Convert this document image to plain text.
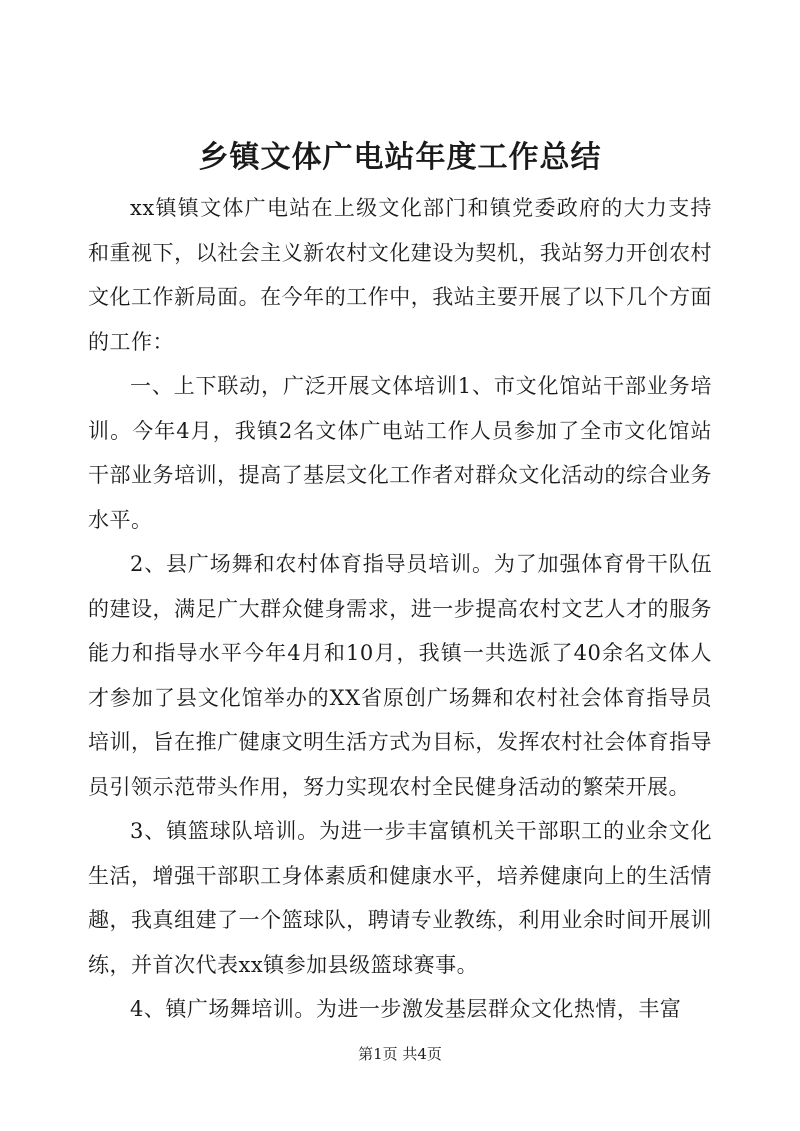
乡镇文体广电站年度工作总结

xx镇镇文体广电站在上级文化部门和镇党委政府的大力支持和重视下，以社会主义新农村文化建设为契机，我站努力开创农村文化工作新局面。在今年的工作中，我站主要开展了以下几个方面的工作：

一、上下联动，广泛开展文体培训1、市文化馆站干部业务培训。今年4月，我镇2名文体广电站工作人员参加了全市文化馆站干部业务培训，提高了基层文化工作者对群众文化活动的综合业务水平。

2、县广场舞和农村体育指导员培训。为了加强体育骨干队伍的建设，满足广大群众健身需求，进一步提高农村文艺人才的服务能力和指导水平今年4月和10月，我镇一共选派了40余名文体人才参加了县文化馆举办的XX省原创广场舞和农村社会体育指导员培训，旨在推广健康文明生活方式为目标，发挥农村社会体育指导员引领示范带头作用，努力实现农村全民健身活动的繁荣开展。

3、镇篮球队培训。为进一步丰富镇机关干部职工的业余文化生活，增强干部职工身体素质和健康水平，培养健康向上的生活情趣，我真组建了一个篮球队，聘请专业教练，利用业余时间开展训练，并首次代表xx镇参加县级篮球赛事。

4、镇广场舞培训。为进一步激发基层群众文化热情，丰富

第1页 共4页
